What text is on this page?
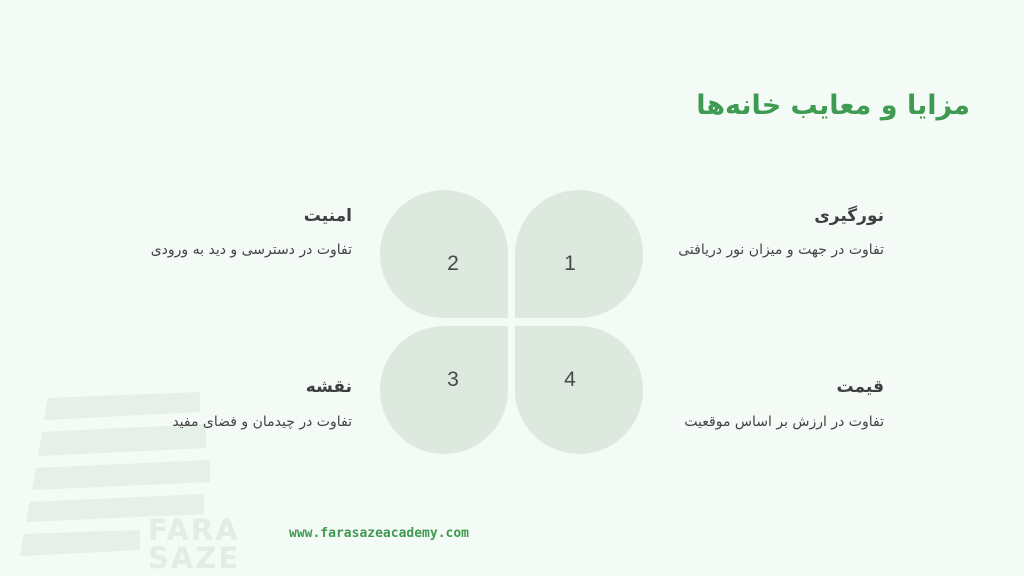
FARA
SAZE
مزایا و معایب خانه‌ها
1
2
3	4
نورگیری
تفاوت در جهت و میزان نور دریافتی
امنیت
تفاوت در دسترسی و دید به ورودی
نقشه
تفاوت در چیدمان و فضای مفید
قیمت
تفاوت در ارزش بر اساس موقعیت
www.farasazeacademy.com
